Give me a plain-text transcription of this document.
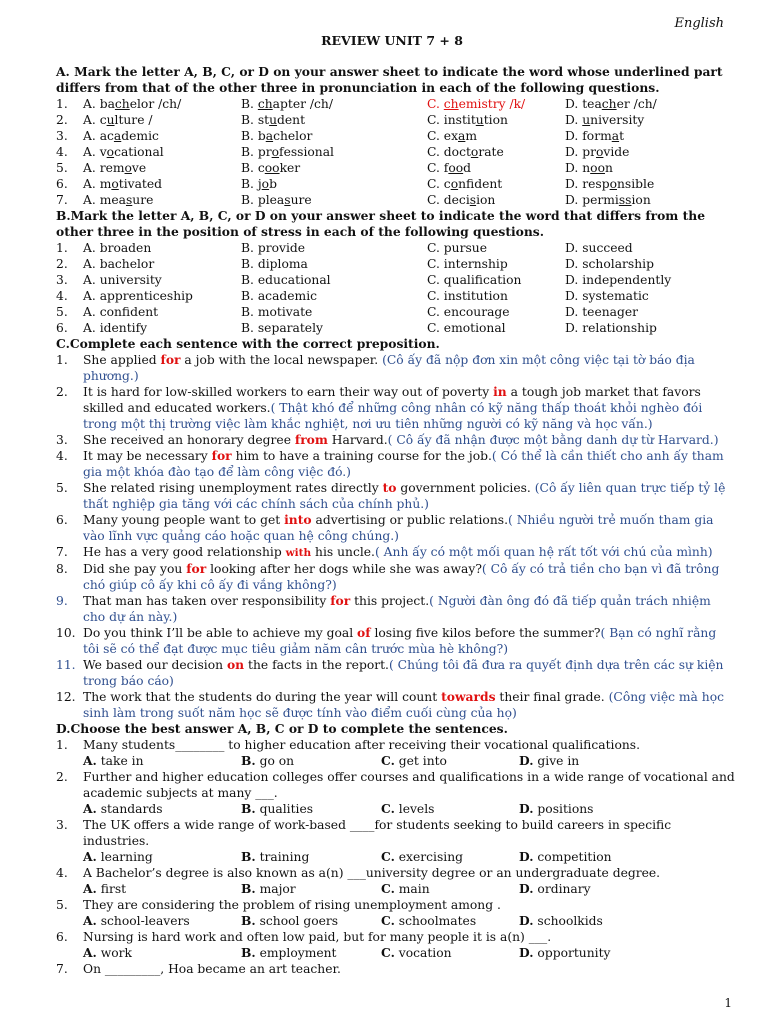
English
REVIEW UNIT 7 + 8
A. Mark the letter A, B, C, or D on your answer sheet to indicate the word whose underlined part differs from that of the other three in pronunciation in each of the following questions.
1.	A. bachelor /ch/	B. chapter /ch/	C. chemistry /k/	D. teacher /ch/
2.	A. culture /	B. student	C. institution	D. university
3.	A. academic	B. bachelor	C. exam	D. format
4.	A. vocational	B. professional	C. doctorate	D. provide
5.	A. remove	B. cooker	C. food	D. noon
6.	A. motivated	B. job	C. confident	D. responsible
7.	A. measure	B. pleasure	C. decision	D. permission
B.Mark the letter A, B, C, or D on your answer sheet to indicate the word that differs from the other three in the position of stress in each of the following questions.
1.	A. broaden	B. provide	C. pursue	D. succeed
2.	A. bachelor	B. diploma	C. internship	D. scholarship
3.	A. university	B. educational	C. qualification	D. independently
4.	A. apprenticeship	B. academic	C. institution	D. systematic
5.	A. confident	B. motivate	C. encourage	D. teenager
6.	A. identify	B. separately	C. emotional	D. relationship
C.Complete each sentence with the correct preposition.
1.	She applied for a job with the local newspaper. (Cô ấy đã nộp đơn xin một công việc tại tờ báo địa phương.)
2.	It is hard for low-skilled workers to earn their way out of poverty in a tough job market that favors skilled and educated workers.( Thật khó để những công nhân có kỹ năng thấp thoát khỏi nghèo đói trong một thị trường việc làm khắc nghiệt, nơi ưu tiên những người có kỹ năng và học vấn.)
3.	She received an honorary degree from Harvard.( Cô ấy đã nhận được một bằng danh dự từ Harvard.)
4.	It may be necessary for him to have a training course for the job.( Có thể là cần thiết cho anh ấy tham gia một khóa đào tạo để làm công việc đó.)
5.	She related rising unemployment rates directly to government policies. (Cô ấy liên quan trực tiếp tỷ lệ thất nghiệp gia tăng với các chính sách của chính phủ.)
6.	Many young people want to get into advertising or public relations.( Nhiều người trẻ muốn tham gia vào lĩnh vực quảng cáo hoặc quan hệ công chúng.)
7.	He has a very good relationship with his uncle.( Anh ấy có một mối quan hệ rất tốt với chú của mình)
8.	Did she pay you for looking after her dogs while she was away?( Cô ấy có trả tiền cho bạn vì đã trông chó giúp cô ấy khi cô ấy đi vắng không?)
9.	That man has taken over responsibility for this project.( Người đàn ông đó đã tiếp quản trách nhiệm cho dự án này.)
10. Do you think I’ll be able to achieve my goal of losing five kilos before the summer?( Bạn có nghĩ rằng tôi sẽ có thể đạt được mục tiêu giảm năm cân trước mùa hè không?)
11. We based our decision on the facts in the report.( Chúng tôi đã đưa ra quyết định dựa trên các sự kiện trong báo cáo)
12. The work that the students do during the year will count towards their final grade. (Công việc mà học sinh làm trong suốt năm học sẽ được tính vào điểm cuối cùng của họ)
D.Choose the best answer A, B, C or D to complete the sentences.
1.	Many students________ to higher education after receiving their vocational qualifications.
A. take in	B. go on	C. get into	D. give in
2.	Further and higher education colleges offer courses and qualifications in a wide range of vocational and academic subjects at many ___.
A. standards	B. qualities	C. levels	D. positions
3.	The UK offers a wide range of work-based ____for students seeking to build careers in specific industries.
A. learning	B. training	C. exercising	D. competition
4.	A Bachelor’s degree is also known as a(n) ___university degree or an undergraduate degree.
A. first	B. major	C. main	D. ordinary
5.	They are considering the problem of rising unemployment among .
A. school-leavers	B. school goers	C. schoolmates	D. schoolkids
6.	Nursing is hard work and often low paid, but for many people it is a(n) ___.
A. work	B. employment	C. vocation	D. opportunity
7.	On _________, Hoa became an art teacher.
1
